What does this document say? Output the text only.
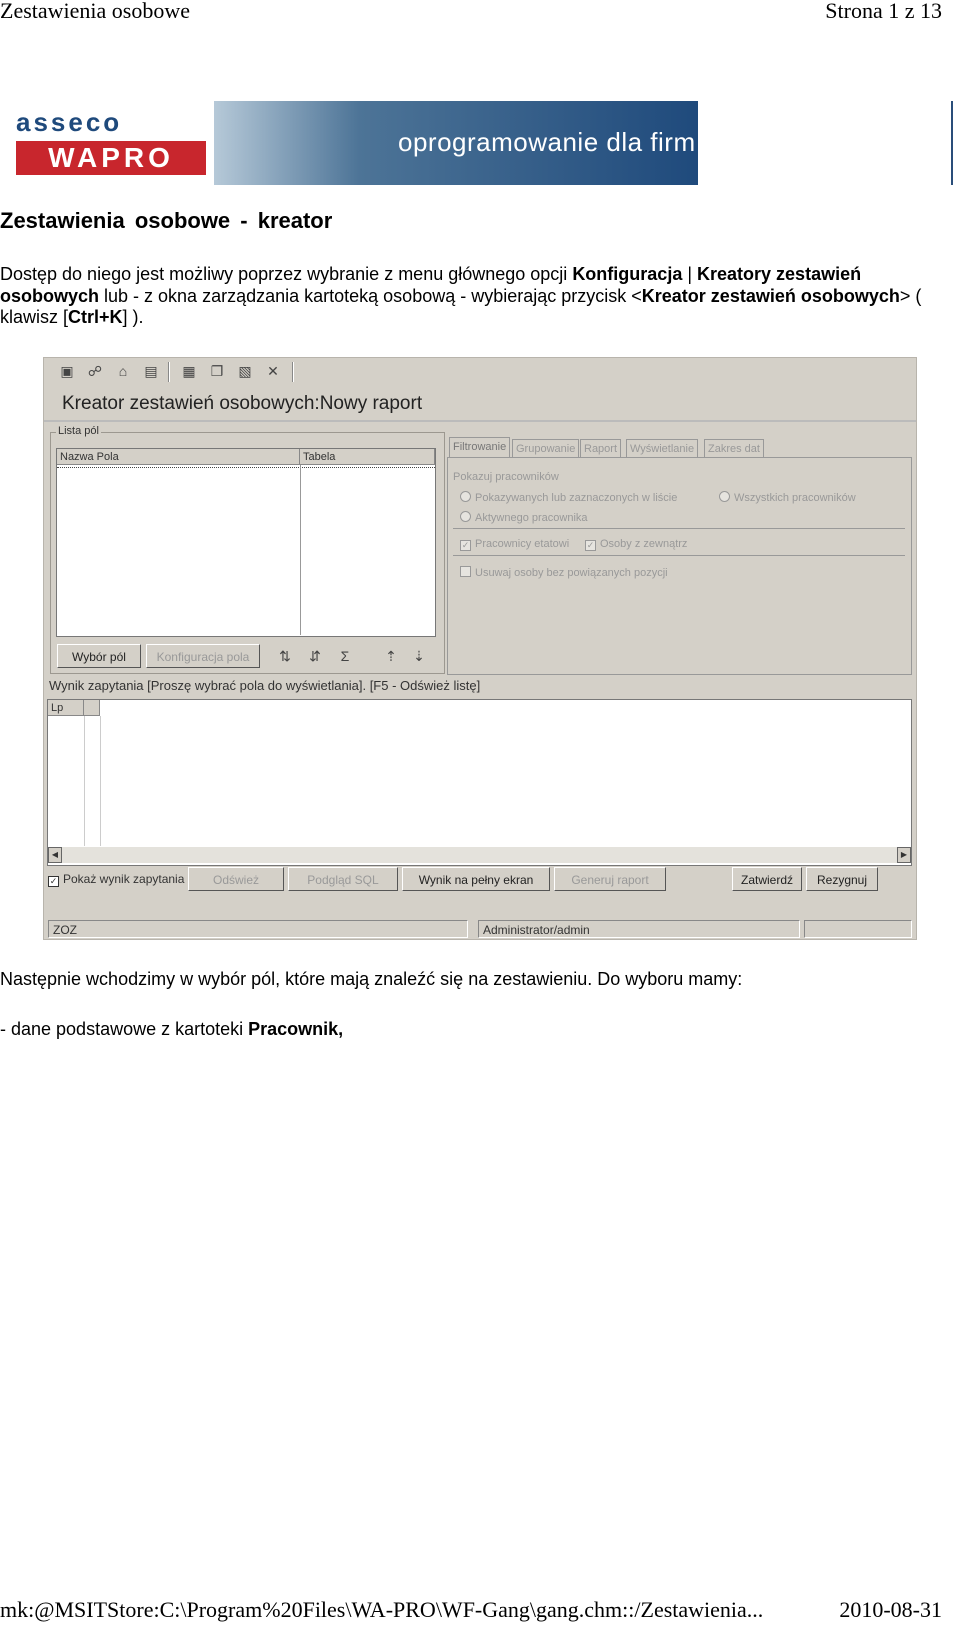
Zestawienia osobowe	Strona 1 z 13
asseco
WAPRO	oprogramowanie dla firm
Zestawienia osobowe - kreator
Dostęp do niego jest możliwy poprzez wybranie z menu głównego opcji Konfiguracja | Kreatory zestawień osobowych lub - z okna zarządzania kartoteką osobową - wybierając przycisk <Kreator zestawień osobowych> ( klawisz [Ctrl+K] ).
▣ ☍	⌂	▤ ▦ ❐ ▧ ✕
Kreator zestawień osobowych:Nowy raport
Lista pól
Nazwa Pola	Tabela
Wybór pól	Konfiguracja pola	⇅ ⇵	Σ	⇡ ⇣
Filtrowanie Grupowanie Raport	Wyświetlanie	Zakres dat
Pokazuj pracowników
Pokazywanych lub zaznaczonych w liście	Wszystkich pracowników
Aktywnego pracownika
✓ Pracownicy etatowi ✓ Osoby z zewnątrz
Usuwaj osoby bez powiązanych pozycji
Wynik zapytania [Proszę wybrać pola do wyświetlania]. [F5 - Odśwież listę]
Lp
◀	▶
✓ Pokaż wynik zapytania	Odśwież	Podgląd SQL	Wynik na pełny ekran	Generuj raport	Zatwierdź	Rezygnuj
ZOZ	Administrator/admin
Następnie wchodzimy w wybór pól, które mają znaleźć się na zestawieniu. Do wyboru mamy:
- dane podstawowe z kartoteki Pracownik,
mk:@MSITStore:C:\Program%20Files\WA-PRO\WF-Gang\gang.chm::/Zestawienia...	2010-08-31
